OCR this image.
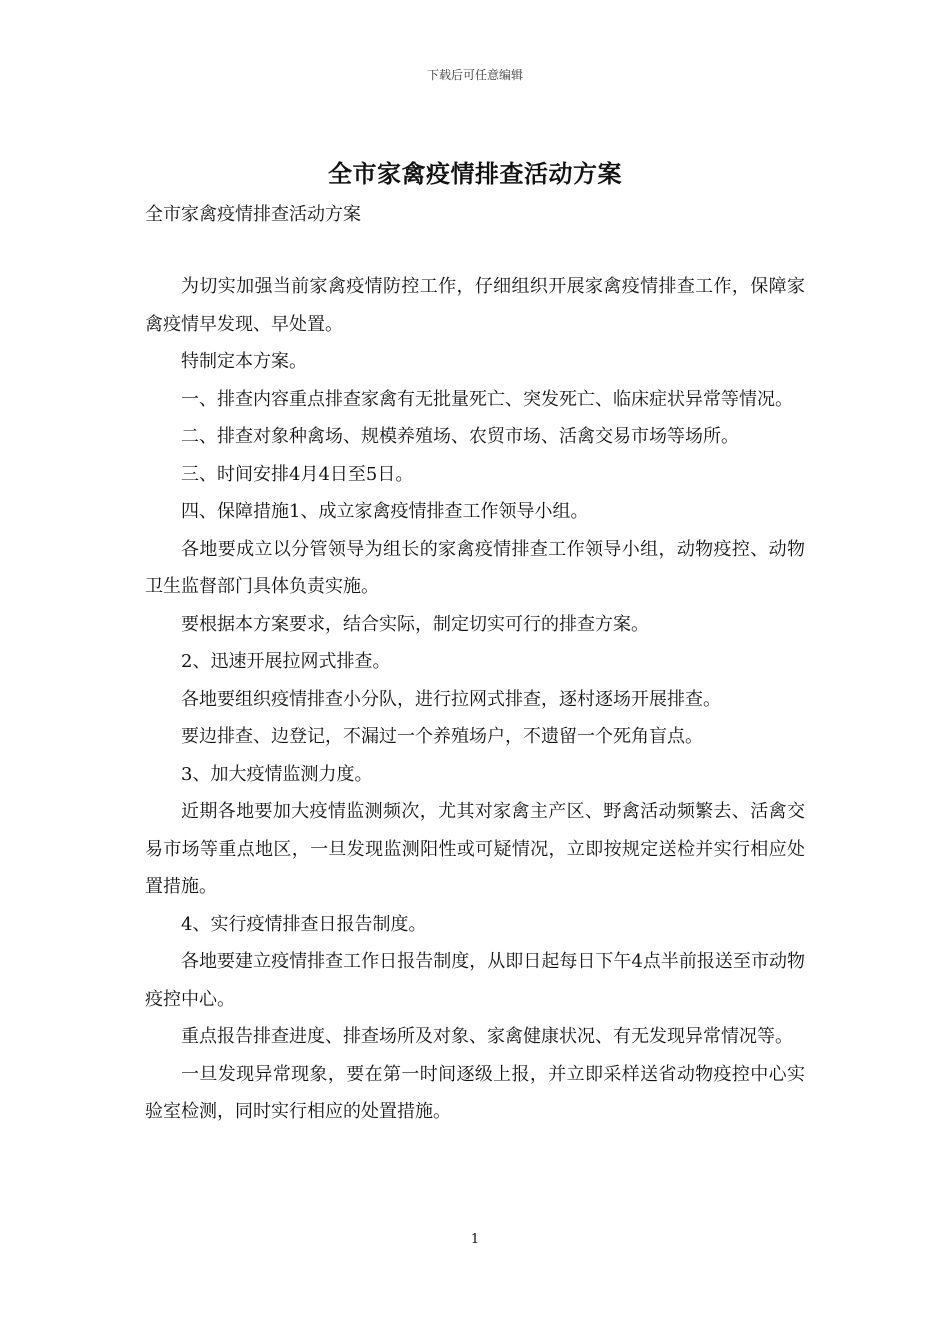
下载后可任意编辑
全市家禽疫情排查活动方案
全市家禽疫情排查活动方案

为切实加强当前家禽疫情防控工作，仔细组织开展家禽疫情排查工作，保障家禽疫情早发现、早处置。

特制定本方案。

一、排查内容重点排查家禽有无批量死亡、突发死亡、临床症状异常等情况。

二、排查对象种禽场、规模养殖场、农贸市场、活禽交易市场等场所。

三、时间安排4月4日至5日。

四、保障措施1、成立家禽疫情排查工作领导小组。

各地要成立以分管领导为组长的家禽疫情排查工作领导小组，动物疫控、动物卫生监督部门具体负责实施。

要根据本方案要求，结合实际，制定切实可行的排查方案。

2、迅速开展拉网式排查。

各地要组织疫情排查小分队，进行拉网式排查，逐村逐场开展排查。

要边排查、边登记，不漏过一个养殖场户，不遗留一个死角盲点。

3、加大疫情监测力度。

近期各地要加大疫情监测频次，尤其对家禽主产区、野禽活动频繁去、活禽交易市场等重点地区，一旦发现监测阳性或可疑情况，立即按规定送检并实行相应处置措施。

4、实行疫情排查日报告制度。

各地要建立疫情排查工作日报告制度，从即日起每日下午4点半前报送至市动物疫控中心。

重点报告排查进度、排查场所及对象、家禽健康状况、有无发现异常情况等。

一旦发现异常现象，要在第一时间逐级上报，并立即采样送省动物疫控中心实验室检测，同时实行相应的处置措施。

1
